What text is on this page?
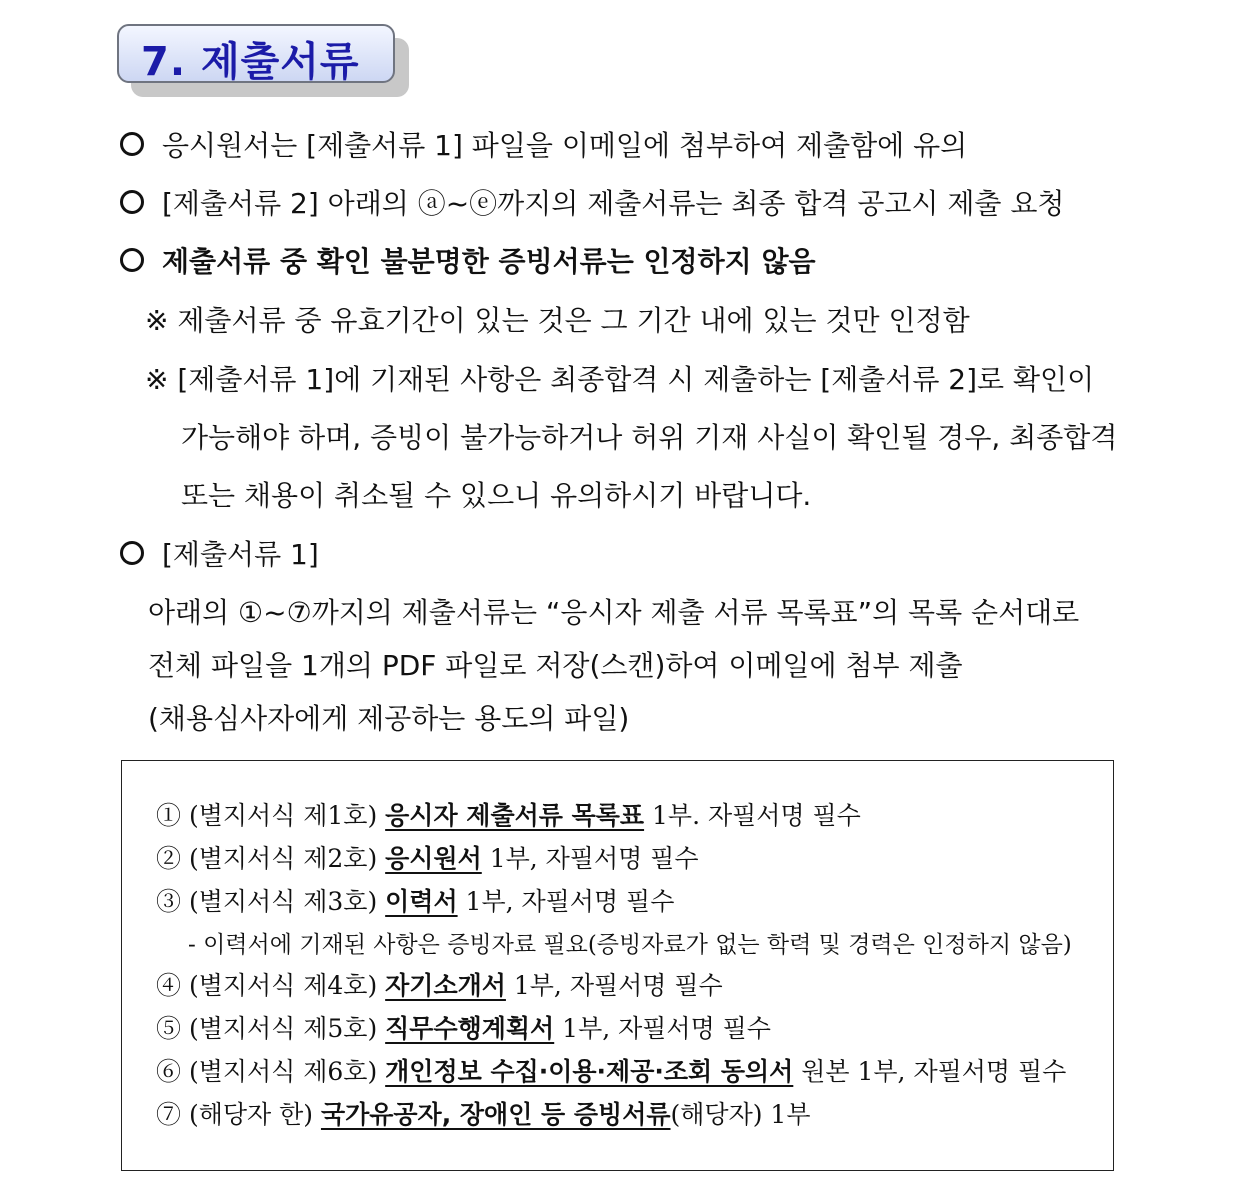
7. 제출서류
응시원서는 [제출서류 1] 파일을 이메일에 첨부하여 제출함에 유의
[제출서류 2] 아래의 ⓐ~ⓔ까지의 제출서류는 최종 합격 공고시 제출 요청
제출서류 중 확인 불분명한 증빙서류는 인정하지 않음
※ 제출서류 중 유효기간이 있는 것은 그 기간 내에 있는 것만 인정함
※ [제출서류 1]에 기재된 사항은 최종합격 시 제출하는 [제출서류 2]로 확인이
가능해야 하며, 증빙이 불가능하거나 허위 기재 사실이 확인될 경우, 최종합격
또는 채용이 취소될 수 있으니 유의하시기 바랍니다.
[제출서류 1]
아래의 ①~⑦까지의 제출서류는 “응시자 제출 서류 목록표”의 목록 순서대로
전체 파일을 1개의 PDF 파일로 저장(스캔)하여 이메일에 첨부 제출
(채용심사자에게 제공하는 용도의 파일)
① (별지서식 제1호) 응시자 제출서류 목록표 1부. 자필서명 필수
② (별지서식 제2호) 응시원서 1부, 자필서명 필수
③ (별지서식 제3호) 이력서 1부, 자필서명 필수
- 이력서에 기재된 사항은 증빙자료 필요(증빙자료가 없는 학력 및 경력은 인정하지 않음)
④ (별지서식 제4호) 자기소개서 1부, 자필서명 필수
⑤ (별지서식 제5호) 직무수행계획서 1부, 자필서명 필수
⑥ (별지서식 제6호) 개인정보 수집·이용·제공·조회 동의서 원본 1부, 자필서명 필수
⑦ (해당자 한) 국가유공자, 장애인 등 증빙서류(해당자) 1부
